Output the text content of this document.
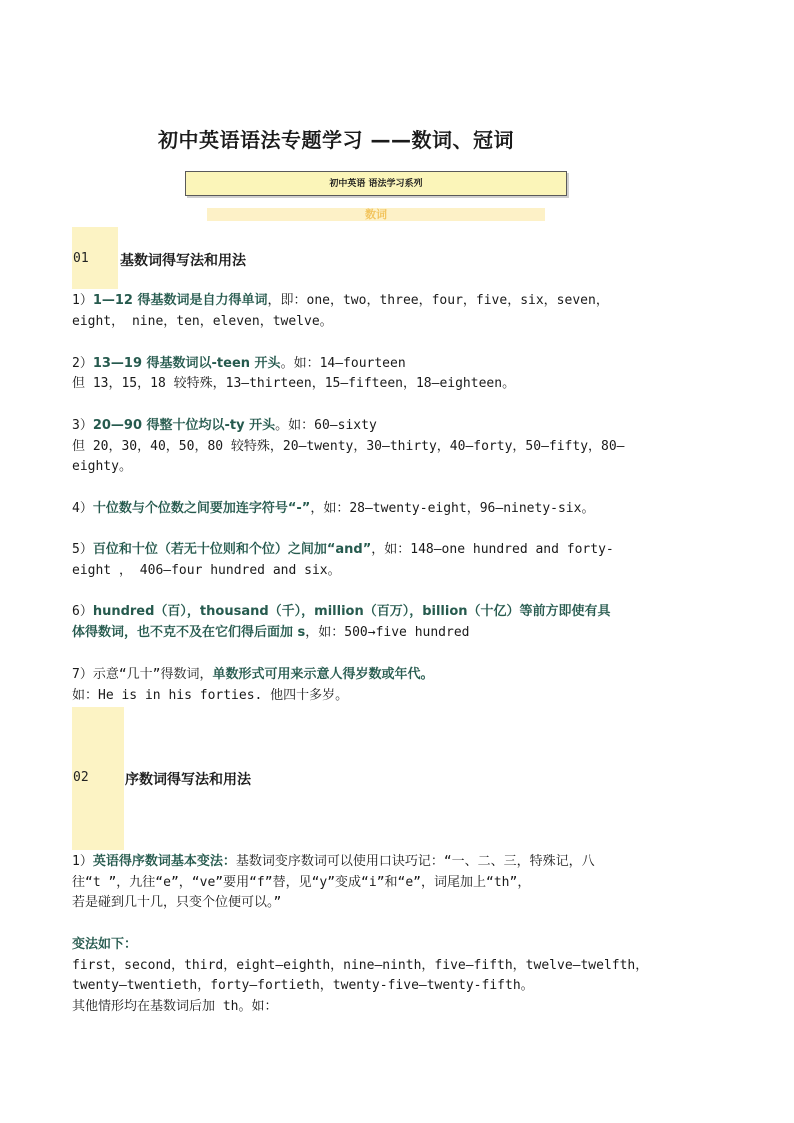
初中英语语法专题学习 ——数词、冠词
初中英语 语法学习系列
数词
01 基数词得写法和用法
1）1—12 得基数词是自力得单词，即：one，two，three，four，five，six，seven，
eight， nine，ten，eleven，twelve。
2）13—19 得基数词以-teen 开头。如：14—fourteen
但 13，15，18 较特殊，13—thirteen，15—fifteen，18—eighteen。
3）20—90 得整十位均以-ty 开头。如：60—sixty
但 20，30，40，50，80 较特殊，20—twenty，30—thirty，40—forty，50—fifty，80—
eighty。
4）十位数与个位数之间要加连字符号“-”，如：28—twenty-eight，96—ninety-six。
5）百位和十位（若无十位则和个位）之间加“and”，如：148—one hundred and forty-
eight ， 406—four hundred and six。
6）hundred（百），thousand（千），million（百万），billion（十亿）等前方即使有具
体得数词，也不克不及在它们得后面加 s，如：500→five hundred
7）示意“几十”得数词，单数形式可用来示意人得岁数或年代。
如：He is in his forties. 他四十多岁。
02	序数词得写法和用法
1）英语得序数词基本变法：基数词变序数词可以使用口诀巧记：“一、二、三，特殊记，八
往“t ”，九往“e”，“ve”要用“f”替，见“y”变成“i”和“e”，词尾加上“th”，
若是碰到几十几，只变个位便可以。”
变法如下：
first，second，third，eight—eighth，nine—ninth，five—fifth，twelve—twelfth，
twenty—twentieth，forty—fortieth，twenty-five—twenty-fifth。
其他情形均在基数词后加 th。如：
